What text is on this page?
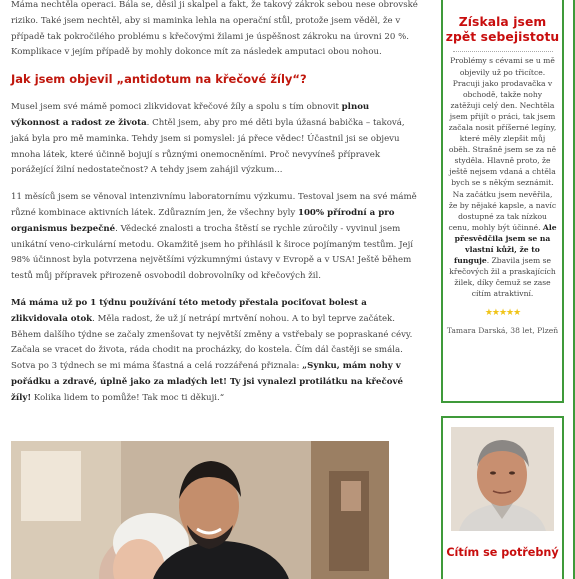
Máma nechtěla operaci. Bála se, děsil ji skalpel a fakt, že takový zákrok sebou nese obrovské riziko. Také jsem nechtěl, aby si maminka lehla na operační stůl, protože jsem věděl, že v případě tak pokročilého problému s křečovými žilami je úspěšnost zákroku na úrovni 20 %. Komplikace v jejím případě by mohly dokonce mít za následek amputaci obou nohou.

Jak jsem objevil „antidotum na křečové žíly“?

Musel jsem své mámě pomoci zlikvidovat křečové žíly a spolu s tím obnovit plnou výkonnost a radost ze života. Chtěl jsem, aby pro mé děti byla úžasná babička – taková, jaká byla pro mě maminka. Tehdy jsem si pomyslel: já přece vědec! Účastnil jsi se objevu mnoha látek, které účinně bojují s různými onemocněními. Proč nevyvíneš přípravek porážející žilní nedostatečnost? A tehdy jsem zahájil výzkum...

11 měsíců jsem se věnoval intenzivnímu laboratornímu výzkumu. Testoval jsem na své mámě různé kombinace aktivních látek. Zdůrazním jen, že všechny byly 100% přírodní a pro organismus bezpečné. Vědecké znalosti a trocha štěstí se rychle zúročily - vyvinul jsem unikátní veno-cirkulární metodu. Okamžitě jsem ho přihlásil k široce pojímaným testům. Její 98% účinnost byla potvrzena největšími výzkumnými ústavy v Evropě a v USA! Ještě během testů můj přípravek přirozeně osvobodil dobrovolníky od křečových žil.

Má máma už po 1 týdnu používání této metody přestala pociťovat bolest a zlikvidovala otok. Měla radost, že už jí netrápí mrtvění nohou. A to byl teprve začátek. Během dalšího týdne se začaly zmenšovat ty největší změny a vstřebaly se popraskané cévy. Začala se vracet do života, ráda chodit na procházky, do kostela. Čím dál častěji se smála. Sotva po 3 týdnech se mi máma šťastná a celá rozzářená přiznala: „Synku, mám nohy v pořádku a zdravé, úplně jako za mladých let! Ty jsi vynalezl protilátku na křečové žíly! Kolika lidem to pomůže! Tak moc ti děkuji.“

Získala jsem zpět sebejistotu
Problémy s cévami se u mě objevily už po třicítce. Pracuji jako prodavačka v obchodě, takže nohy zatěžuji celý den. Nechtěla jsem přijít o práci, tak jsem začala nosit příšerné legíny, které měly zlepšit můj oběh. Strašně jsem se za ně styděla. Hlavně proto, že ještě nejsem vdaná a chtěla bych se s někým seznámit. Na začátku jsem nevěřila, že by nějaké kapsle, a navíc dostupné za tak nízkou cenu, mohly být účinné. Ale přesvědčila jsem se na vlastní kůži, že to funguje. Zbavila jsem se křečových žil a praskajících žilek, díky čemuž se zase cítím atraktivní.
★★★★★
Tamara Darská, 38 let, Plzeň
Cítím se potřebný
